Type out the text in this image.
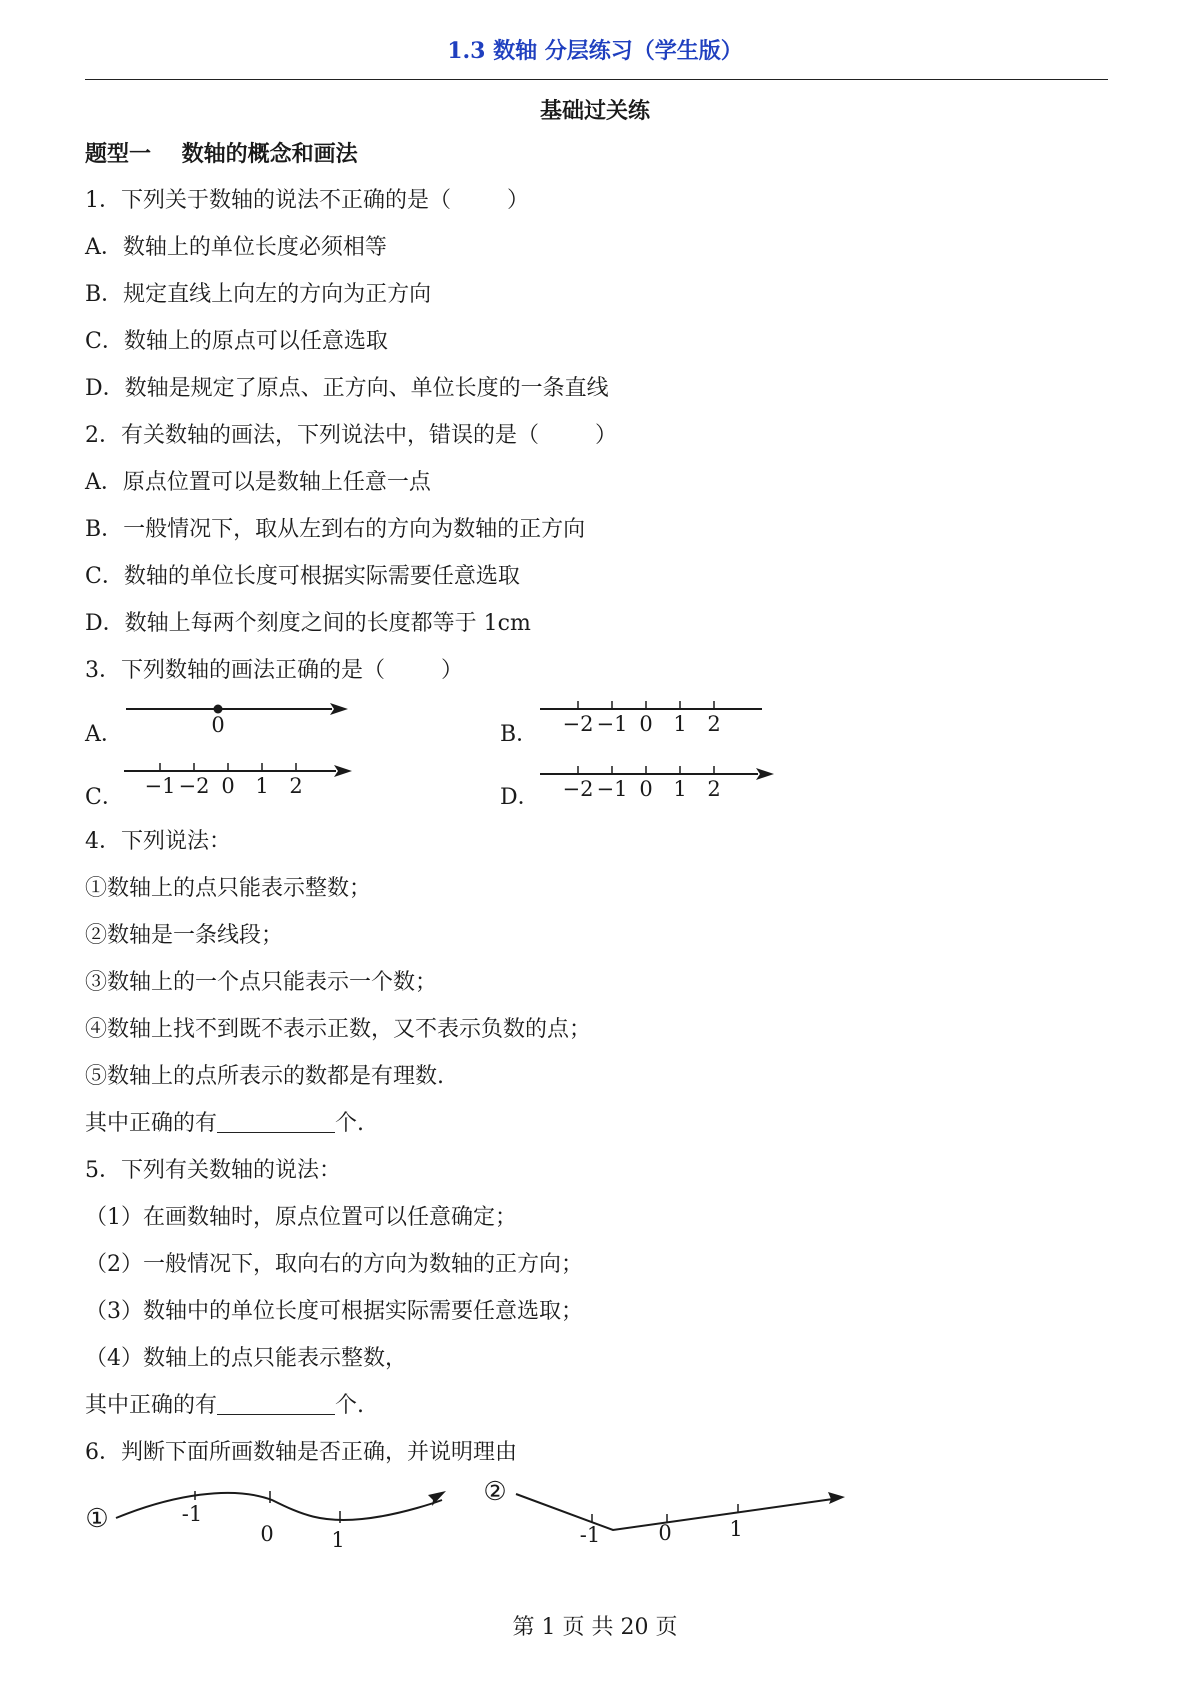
1.3 数轴 分层练习（学生版）
基础过关练
题型一    数轴的概念和画法
1．下列关于数轴的说法不正确的是（        ）
A．数轴上的单位长度必须相等
B．规定直线上向左的方向为正方向
C．数轴上的原点可以任意选取
D．数轴是规定了原点、正方向、单位长度的一条直线
2．有关数轴的画法，下列说法中，错误的是（        ）
A．原点位置可以是数轴上任意一点
B．一般情况下，取从左到右的方向为数轴的正方向
C．数轴的单位长度可根据实际需要任意选取
D．数轴上每两个刻度之间的长度都等于 1cm
3．下列数轴的画法正确的是（        ）
A．	0	B． −2 −1 0 1 2
C． −1 −2 0 1 2	D． −2 −1 0 1 2
4．下列说法：
①数轴上的点只能表示整数；
②数轴是一条线段；
③数轴上的一个点只能表示一个数；
④数轴上找不到既不表示正数，又不表示负数的点；
⑤数轴上的点所表示的数都是有理数.
其中正确的有	个.
5．下列有关数轴的说法：
（1）在画数轴时，原点位置可以任意确定；
（2）一般情况下，取向右的方向为数轴的正方向；
（3）数轴中的单位长度可根据实际需要任意选取；
（4）数轴上的点只能表示整数，
其中正确的有	个.
6．判断下面所画数轴是否正确，并说明理由
①	-1
0	1
②
-1	0	1
第 1 页 共 20 页
